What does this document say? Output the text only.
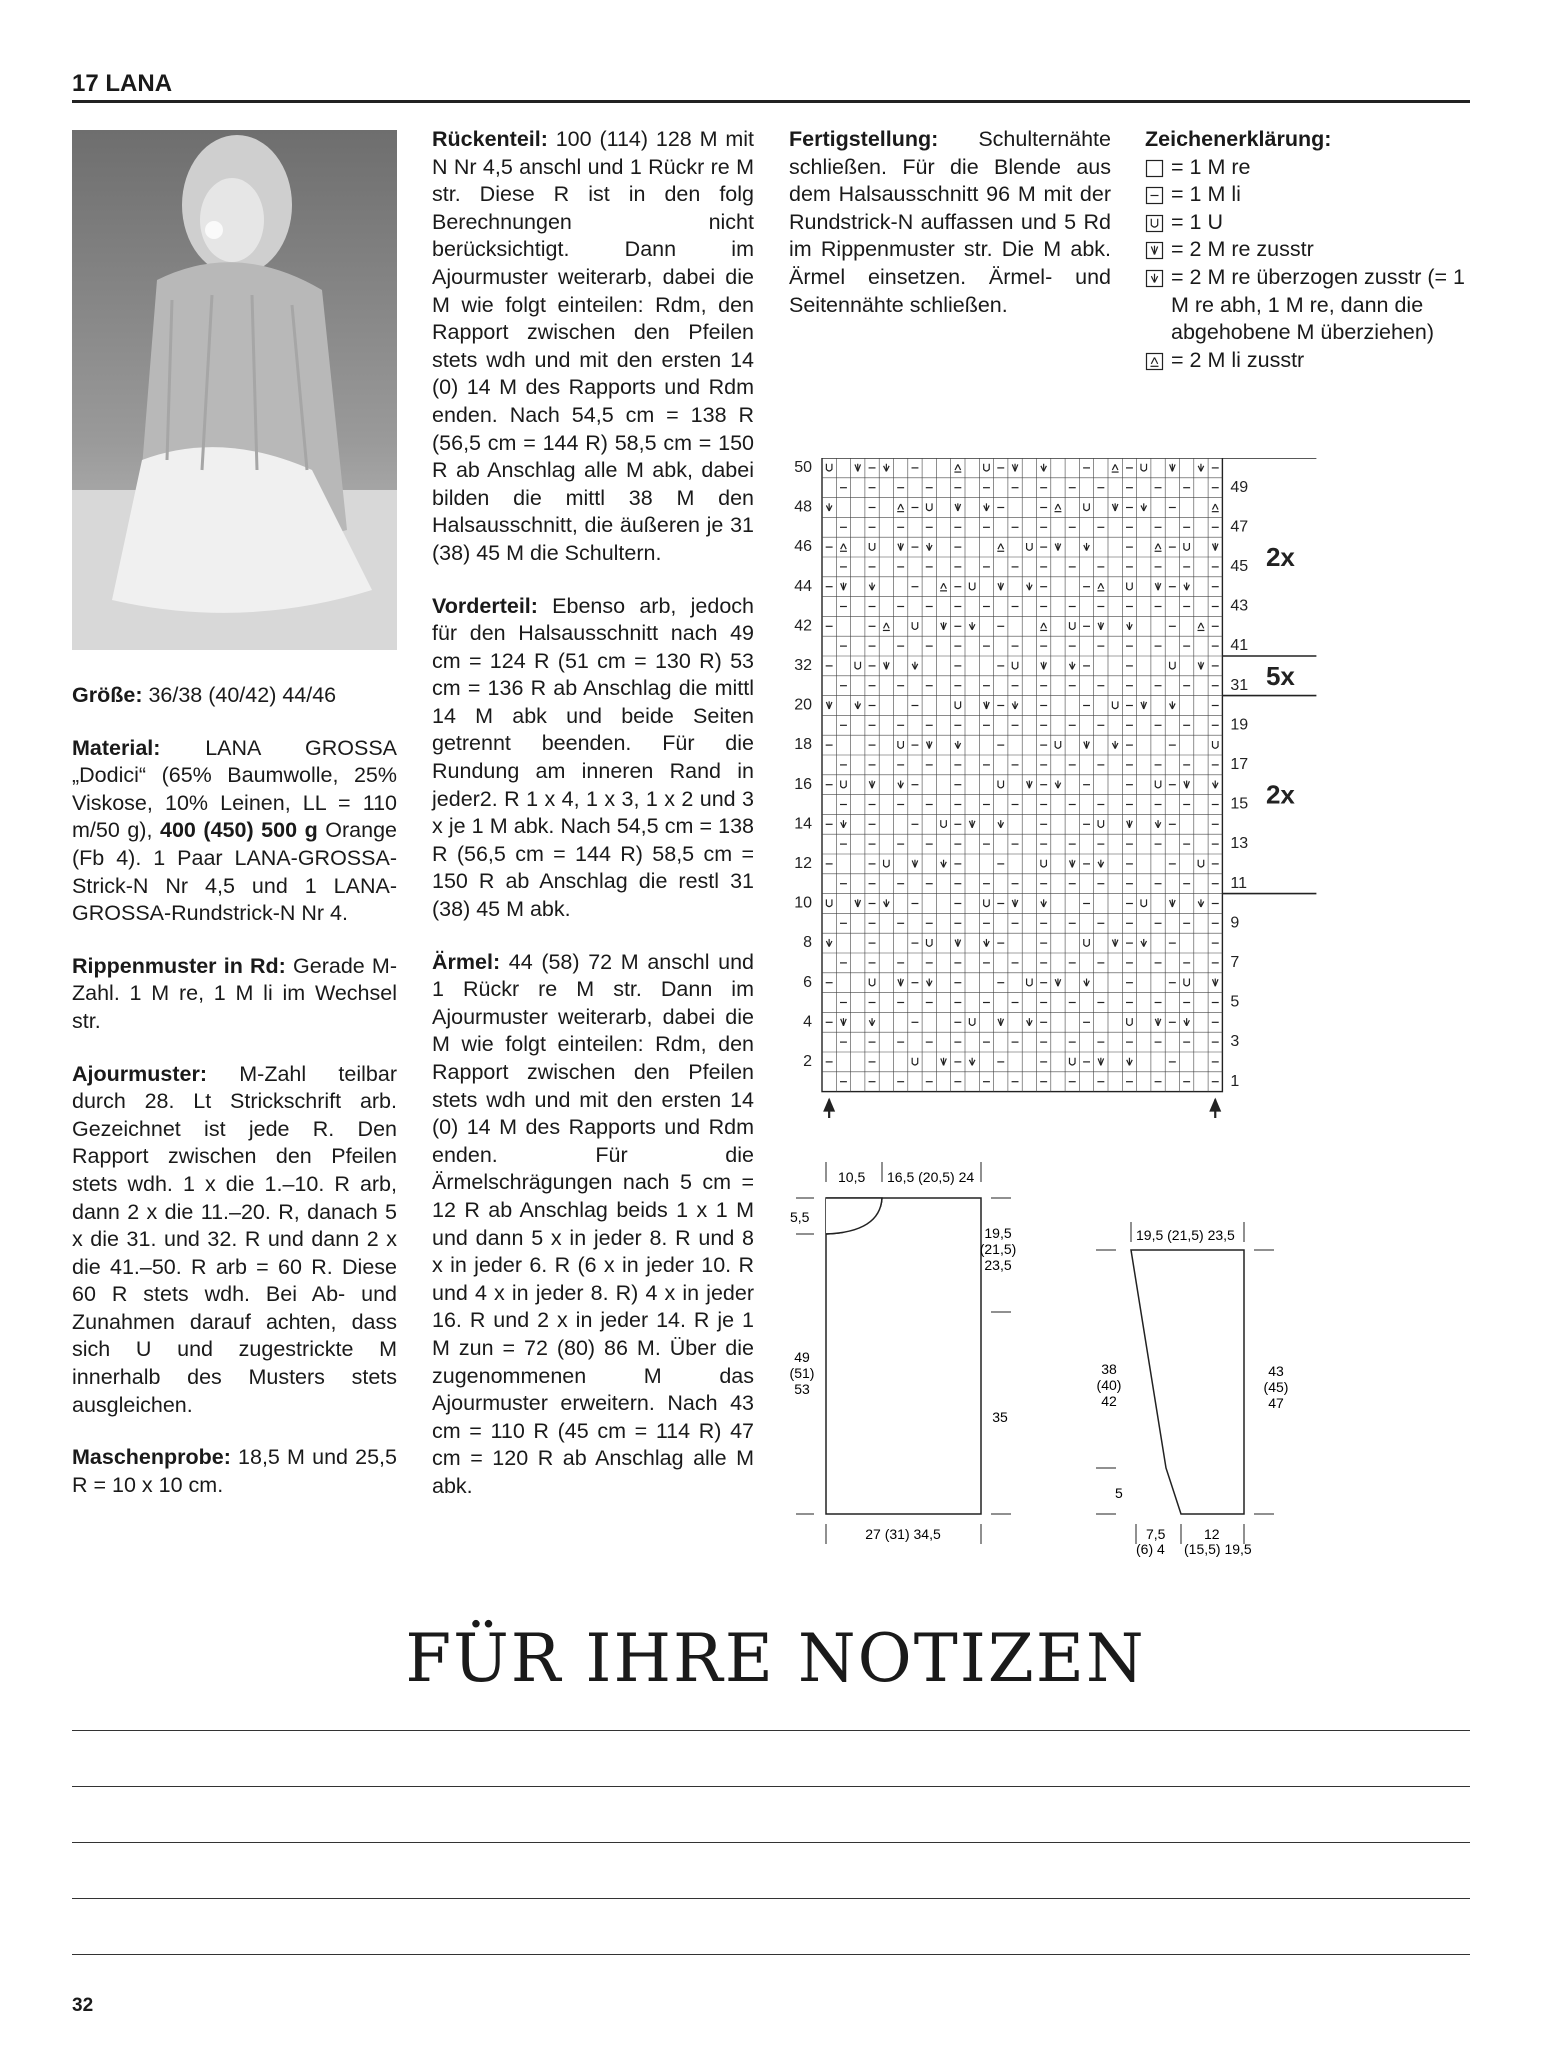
17 LANA

Größe: 36/38 (40/42) 44/46

Material: LANA GROSSA „Dodici“ (65% Baumwolle, 25% Viskose, 10% Leinen, LL = 110 m/50 g), 400 (450) 500 g Orange (Fb 4). 1 Paar LANA-GROSSA-Strick-N Nr 4,5 und 1 LANA-GROSSA-Rundstrick-N Nr 4.

Rippenmuster in Rd: Gerade M-Zahl. 1 M re, 1 M li im Wechsel str.

Ajourmuster: M-Zahl teilbar durch 28. Lt Strickschrift arb. Gezeichnet ist jede R. Den Rapport zwischen den Pfeilen stets wdh. 1 x die 1.–10. R arb, dann 2 x die 11.–20. R, danach 5 x die 31. und 32. R und dann 2 x die 41.–50. R arb = 60 R. Diese 60 R stets wdh. Bei Ab- und Zunahmen darauf achten, dass sich U und zugestrickte M innerhalb des Musters stets ausgleichen.

Maschenprobe: 18,5 M und 25,5 R = 10 x 10 cm.

Rückenteil: 100 (114) 128 M mit N Nr 4,5 anschl und 1 Rückr re M str. Diese R ist in den folg Berechnungen nicht berücksichtigt. Dann im Ajourmuster weiterarb, dabei die M wie folgt einteilen: Rdm, den Rapport zwischen den Pfeilen stets wdh und mit den ersten 14 (0) 14 M des Rapports und Rdm enden. Nach 54,5 cm = 138 R (56,5 cm = 144 R) 58,5 cm = 150 R ab Anschlag alle M abk, dabei bilden die mittl 38 M den Halsausschnitt, die äußeren je 31 (38) 45 M die Schultern.

Vorderteil: Ebenso arb, jedoch für den Halsausschnitt nach 49 cm = 124 R (51 cm = 130 R) 53 cm = 136 R ab Anschlag die mittl 14 M abk und beide Seiten getrennt beenden. Für die Rundung am inneren Rand in jeder2. R 1 x 4, 1 x 3, 1 x 2 und 3 x je 1 M abk. Nach 54,5 cm = 138 R (56,5 cm = 144 R) 58,5 cm = 150 R ab Anschlag die restl 31 (38) 45 M abk.

Ärmel: 44 (58) 72 M anschl und 1 Rückr re M str. Dann im Ajourmuster weiterarb, dabei die M wie folgt einteilen: Rdm, den Rapport zwischen den Pfeilen stets wdh und mit den ersten 14 (0) 14 M des Rapports und Rdm enden. Für die Ärmelschrägungen nach 5 cm = 12 R ab Anschlag beids 1 x 1 M und dann 5 x in jeder 8. R und 8 x in jeder 6. R (6 x in jeder 10. R und 4 x in jeder 8. R) 4 x in jeder 16. R und 2 x in jeder 14. R je 1 M zun = 72 (80) 86 M. Über die zugenommenen M das Ajourmuster erweitern. Nach 43 cm = 110 R (45 cm = 114 R) 47 cm = 120 R ab Anschlag alle M abk.

Fertigstellung: Schulternähte schließen. Für die Blende aus dem Halsausschnitt 96 M mit der Rundstrick-N auffassen und 5 Rd im Rippenmuster str. Die M abk. Ärmel einsetzen. Ärmel- und Seitennähte schließen.

Zeichenerklärung:
= 1 M re
= 1 M li
= 1 U
= 2 M re zusstr
= 2 M re überzogen zusstr (= 1 M re abh, 1 M re, dann die abgehobene M überziehen)
= 2 M li zusstr
50
48
46
44
42
32
20
18
16
14
12
10
8
6
4
2
49
47
45
43
41
31
19
17
15
13
11
9
7
5
3
1
2x
5x
2x
10,5 16,5 (20,5) 24
5,5
19,5
(21,5)
23,5
49
(51)
53
35
27 (31) 34,5
19,5 (21,5) 23,5
38
(40)
42
43
(45)
47
5
7,5
(6) 4
12
(15,5) 19,5
FÜR IHRE NOTIZEN
32
